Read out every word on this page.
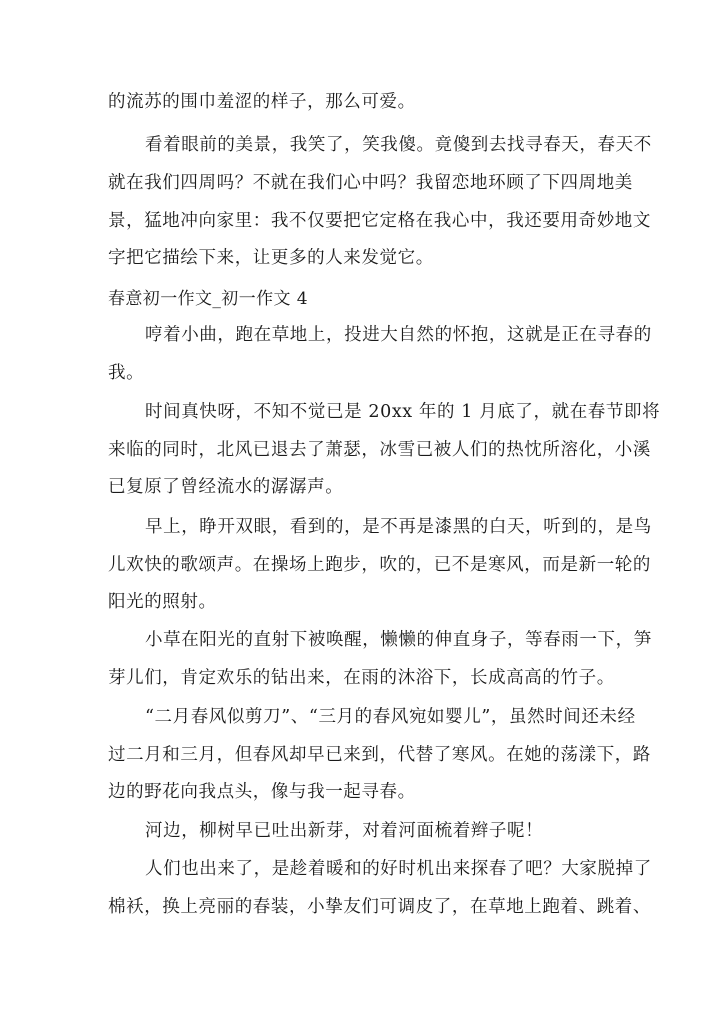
的流苏的围巾羞涩的样子，那么可爱。
看着眼前的美景，我笑了，笑我傻。竟傻到去找寻春天，春天不
就在我们四周吗？不就在我们心中吗？我留恋地环顾了下四周地美
景，猛地冲向家里：我不仅要把它定格在我心中，我还要用奇妙地文
字把它描绘下来，让更多的人来发觉它。
春意初一作文_初一作文 4
哼着小曲，跑在草地上，投进大自然的怀抱，这就是正在寻春的
我。
时间真快呀，不知不觉已是 20xx 年的 1 月底了，就在春节即将
来临的同时，北风已退去了萧瑟，冰雪已被人们的热忱所溶化，小溪
已复原了曾经流水的潺潺声。
早上，睁开双眼，看到的，是不再是漆黑的白天，听到的，是鸟
儿欢快的歌颂声。在操场上跑步，吹的，已不是寒风，而是新一轮的
阳光的照射。
小草在阳光的直射下被唤醒，懒懒的伸直身子，等春雨一下，笋
芽儿们，肯定欢乐的钻出来，在雨的沐浴下，长成高高的竹子。
“二月春风似剪刀”、“三月的春风宛如婴儿”，虽然时间还未经
过二月和三月，但春风却早已来到，代替了寒风。在她的荡漾下，路
边的野花向我点头，像与我一起寻春。
河边，柳树早已吐出新芽，对着河面梳着辫子呢！
人们也出来了，是趁着暖和的好时机出来探春了吧？大家脱掉了
棉袄，换上亮丽的春装，小挚友们可调皮了，在草地上跑着、跳着、
